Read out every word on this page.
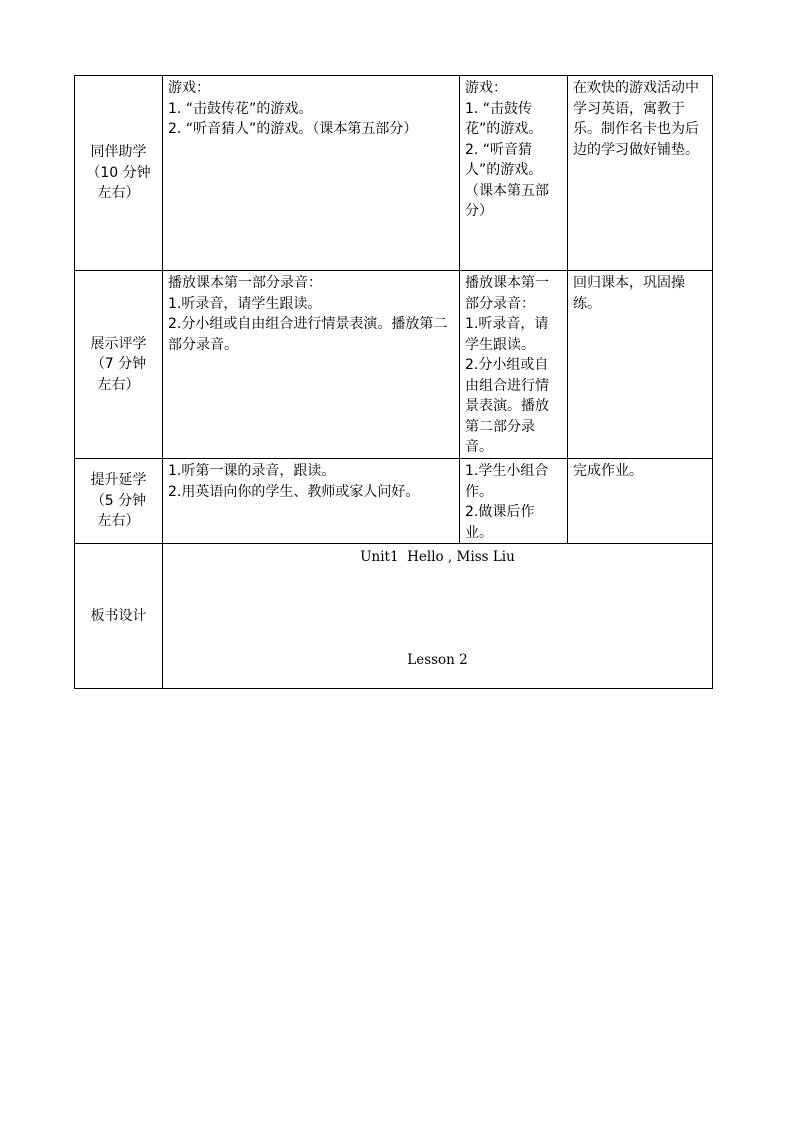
同伴助学
（10 分钟
左右）	游戏：
1. “击鼓传花”的游戏。
2. “听音猜人”的游戏。（课本第五部分）	游戏：
1. “击鼓传花”的游戏。
2. “听音猜人”的游戏。（课本第五部分）	在欢快的游戏活动中学习英语，寓教于乐。制作名卡也为后边的学习做好铺垫。

展示评学
（7 分钟
左右）	播放课本第一部分录音：
1.听录音，请学生跟读。
2.分小组或自由组合进行情景表演。播放第二部分录音。	播放课本第一部分录音：
1.听录音，请学生跟读。
2.分小组或自由组合进行情景表演。播放第二部分录音。	回归课本，巩固操练。

提升延学
（5 分钟
左右）	1.听第一课的录音，跟读。
2.用英语向你的学生、教师或家人问好。	1.学生小组合作。
2.做课后作业。	完成作业。

板书设计	Unit1  Hello , Miss Liu
Lesson 2		
